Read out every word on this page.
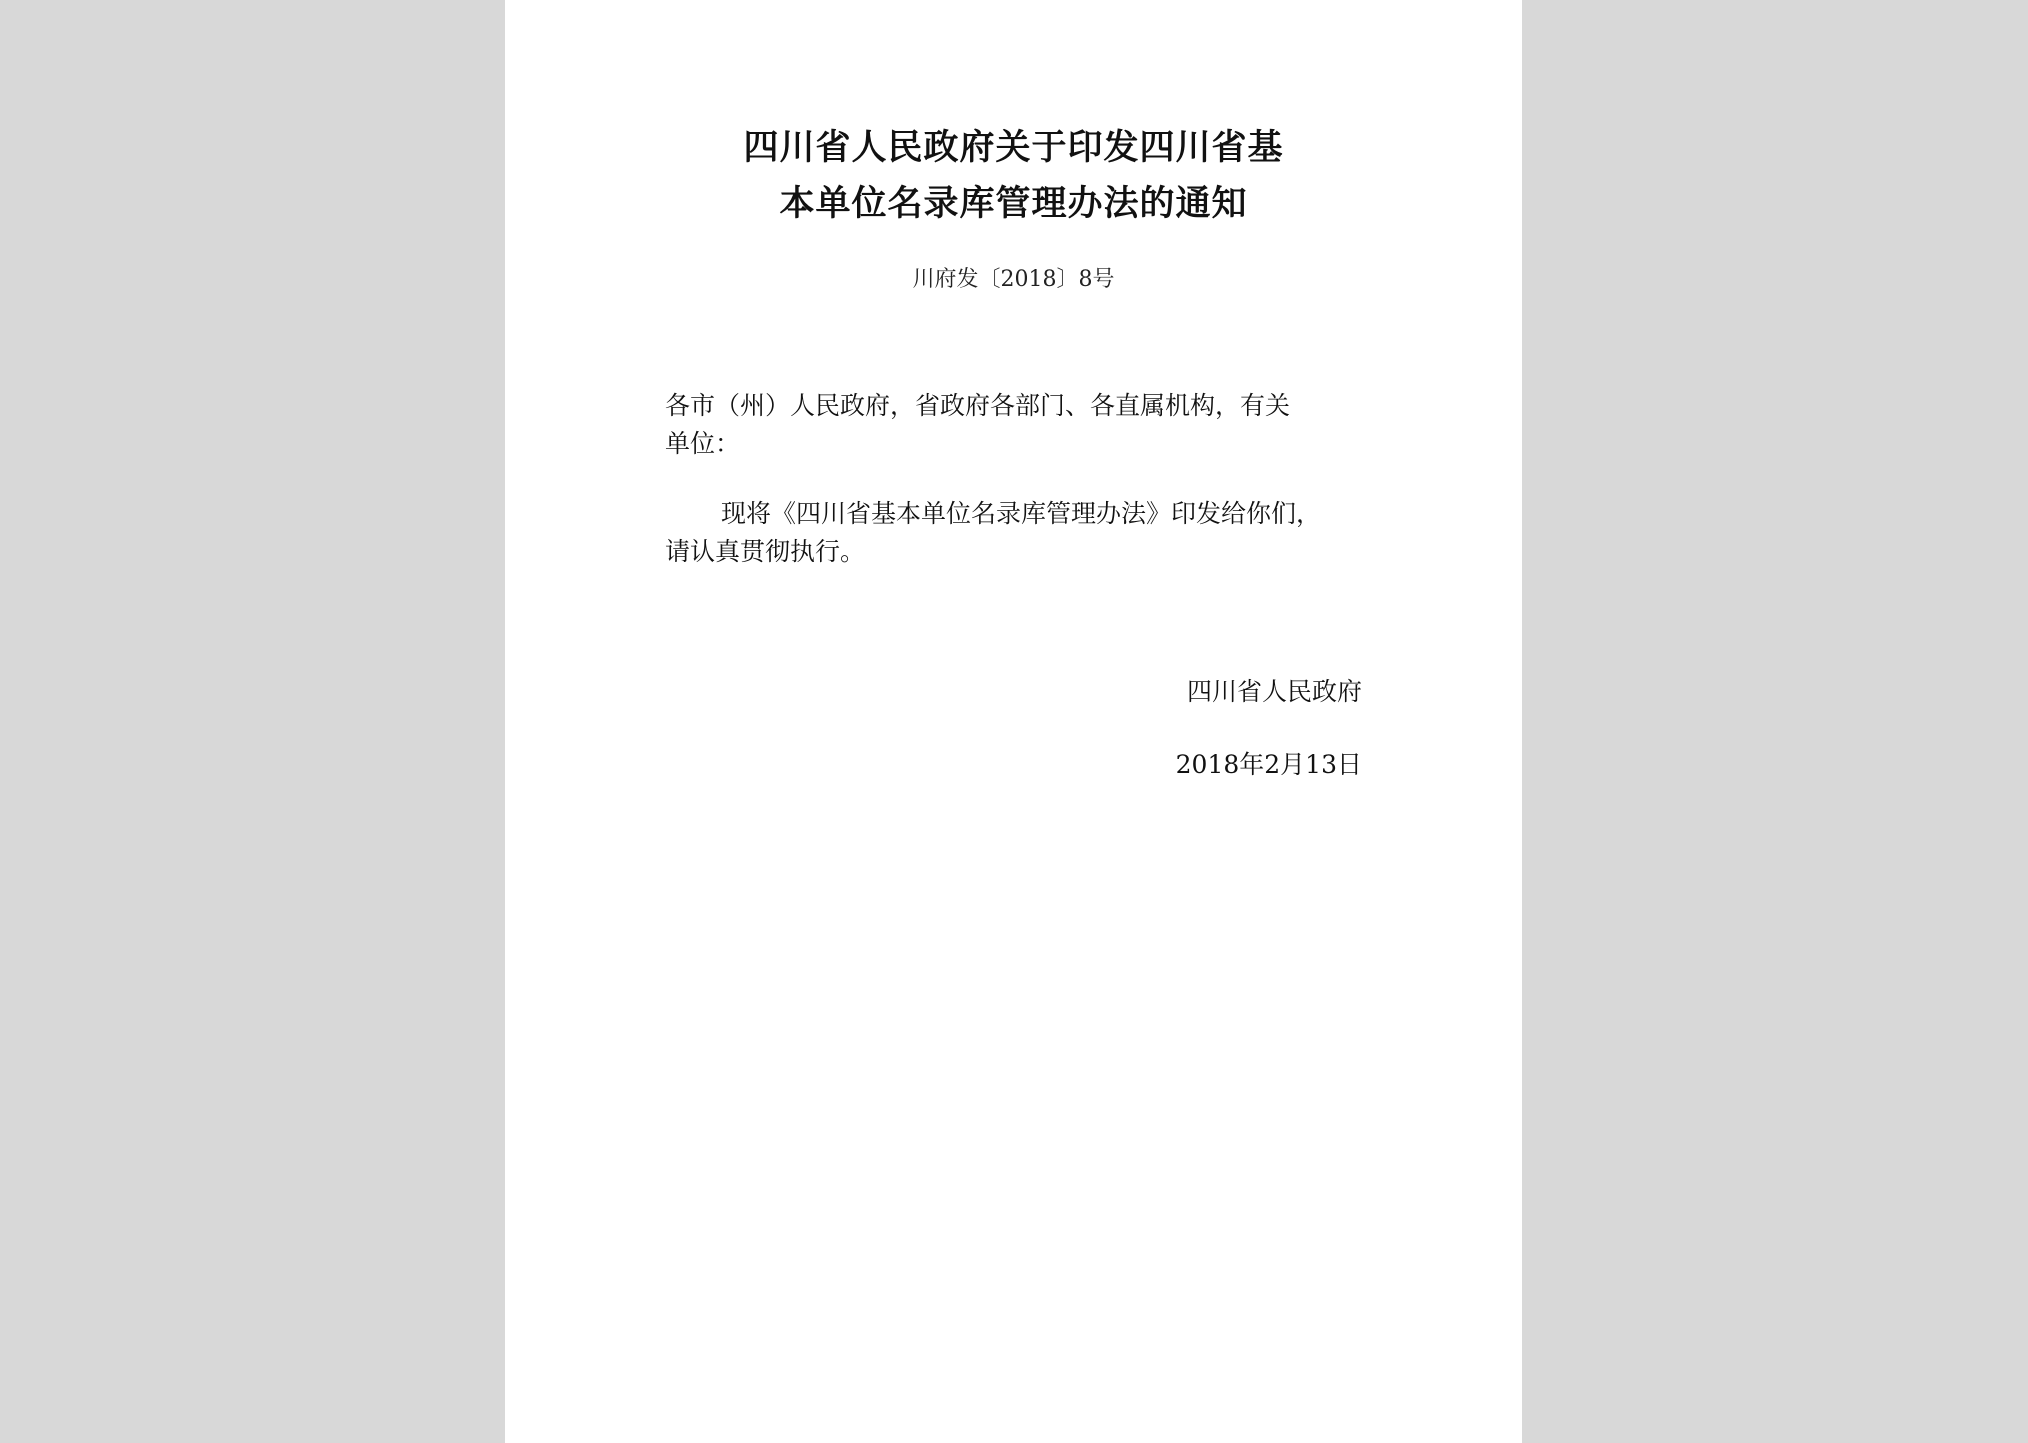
四川省人民政府关于印发四川省基
本单位名录库管理办法的通知
川府发〔2018〕8号
各市（州）人民政府，省政府各部门、各直属机构，有关
单位：
现将《四川省基本单位名录库管理办法》印发给你们，
请认真贯彻执行。
四川省人民政府
2018年2月13日
